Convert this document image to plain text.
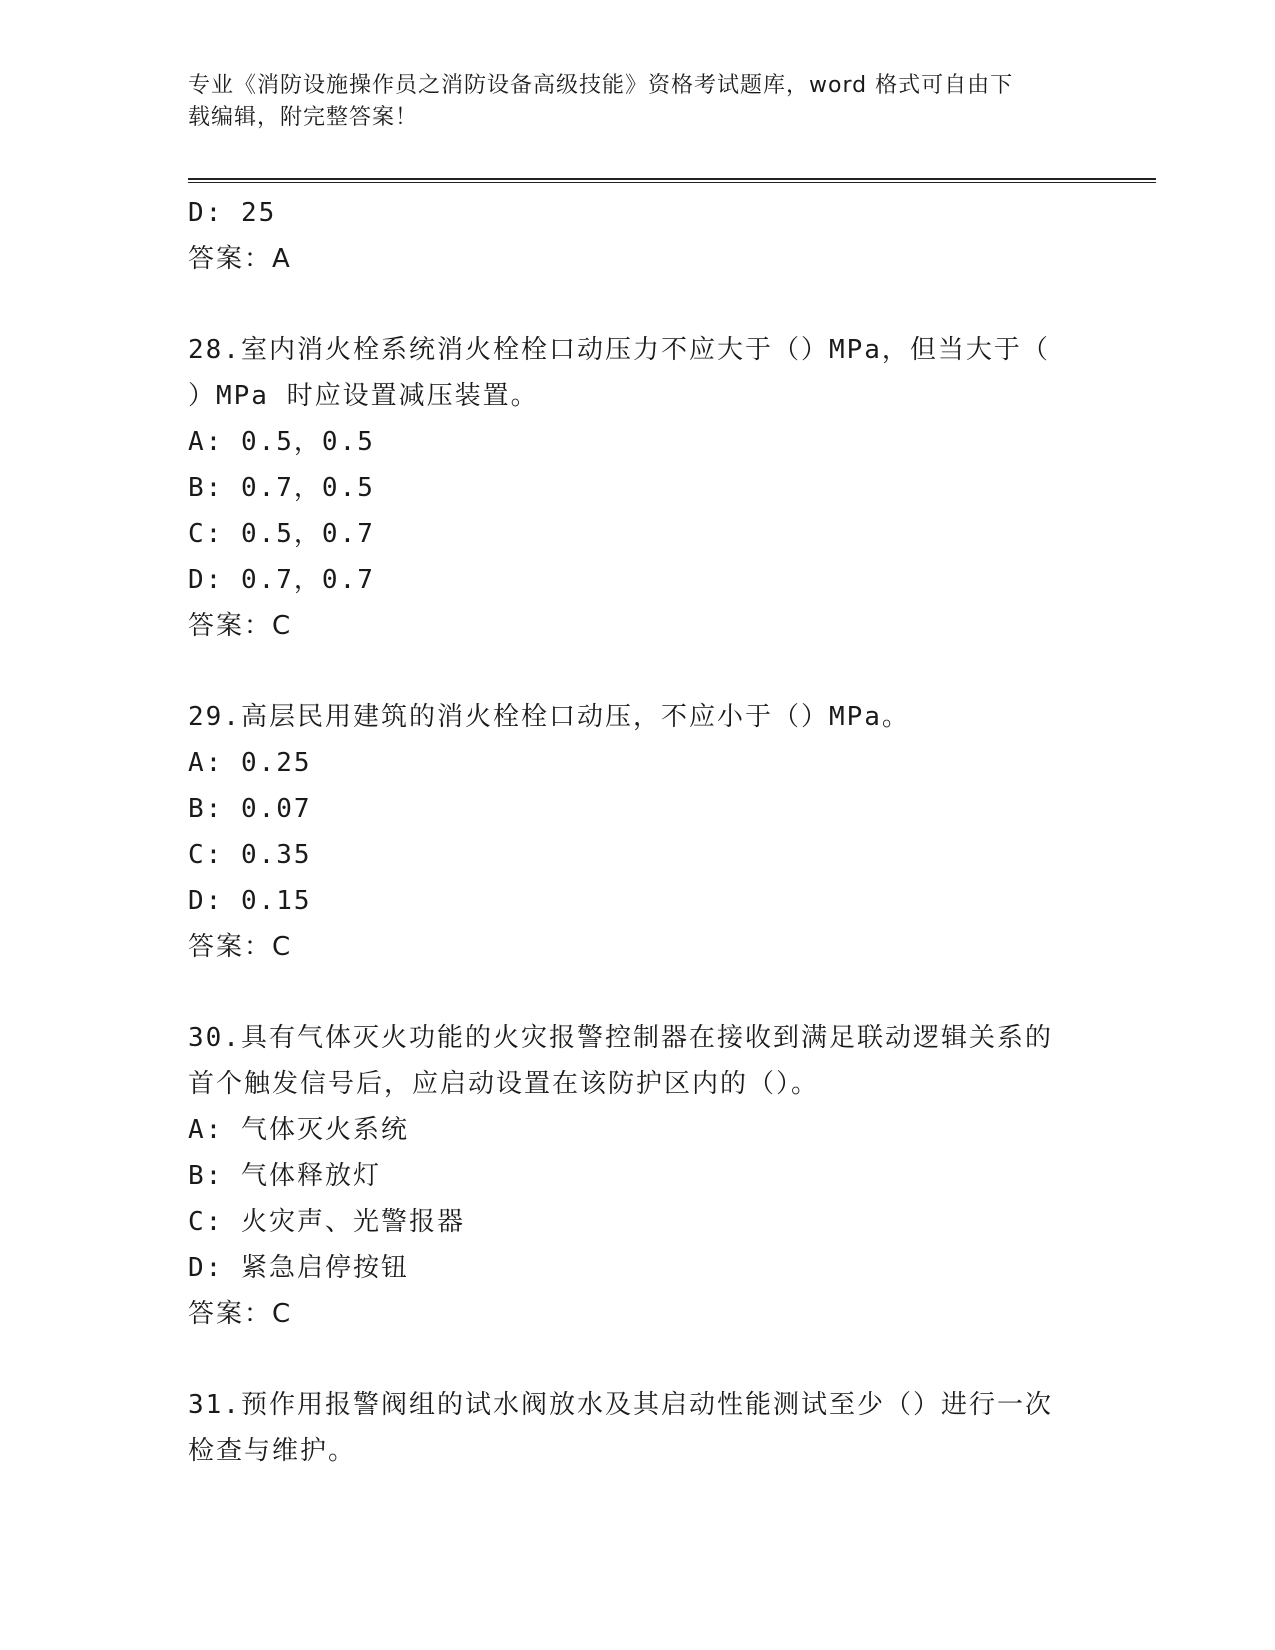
专业《消防设施操作员之消防设备高级技能》资格考试题库，word 格式可自由下
载编辑，附完整答案！
D: 25
答案：A
28.室内消火栓系统消火栓栓口动压力不应大于（）MPa，但当大于（
）MPa 时应设置减压装置。
A: 0.5，0.5
B: 0.7，0.5
C: 0.5，0.7
D: 0.7，0.7
答案：C
29.高层民用建筑的消火栓栓口动压，不应小于（）MPa。
A: 0.25
B: 0.07
C: 0.35
D: 0.15
答案：C
30.具有气体灭火功能的火灾报警控制器在接收到满足联动逻辑关系的
首个触发信号后，应启动设置在该防护区内的（）。
A: 气体灭火系统
B: 气体释放灯
C: 火灾声、光警报器
D: 紧急启停按钮
答案：C
31.预作用报警阀组的试水阀放水及其启动性能测试至少（）进行一次
检查与维护。
